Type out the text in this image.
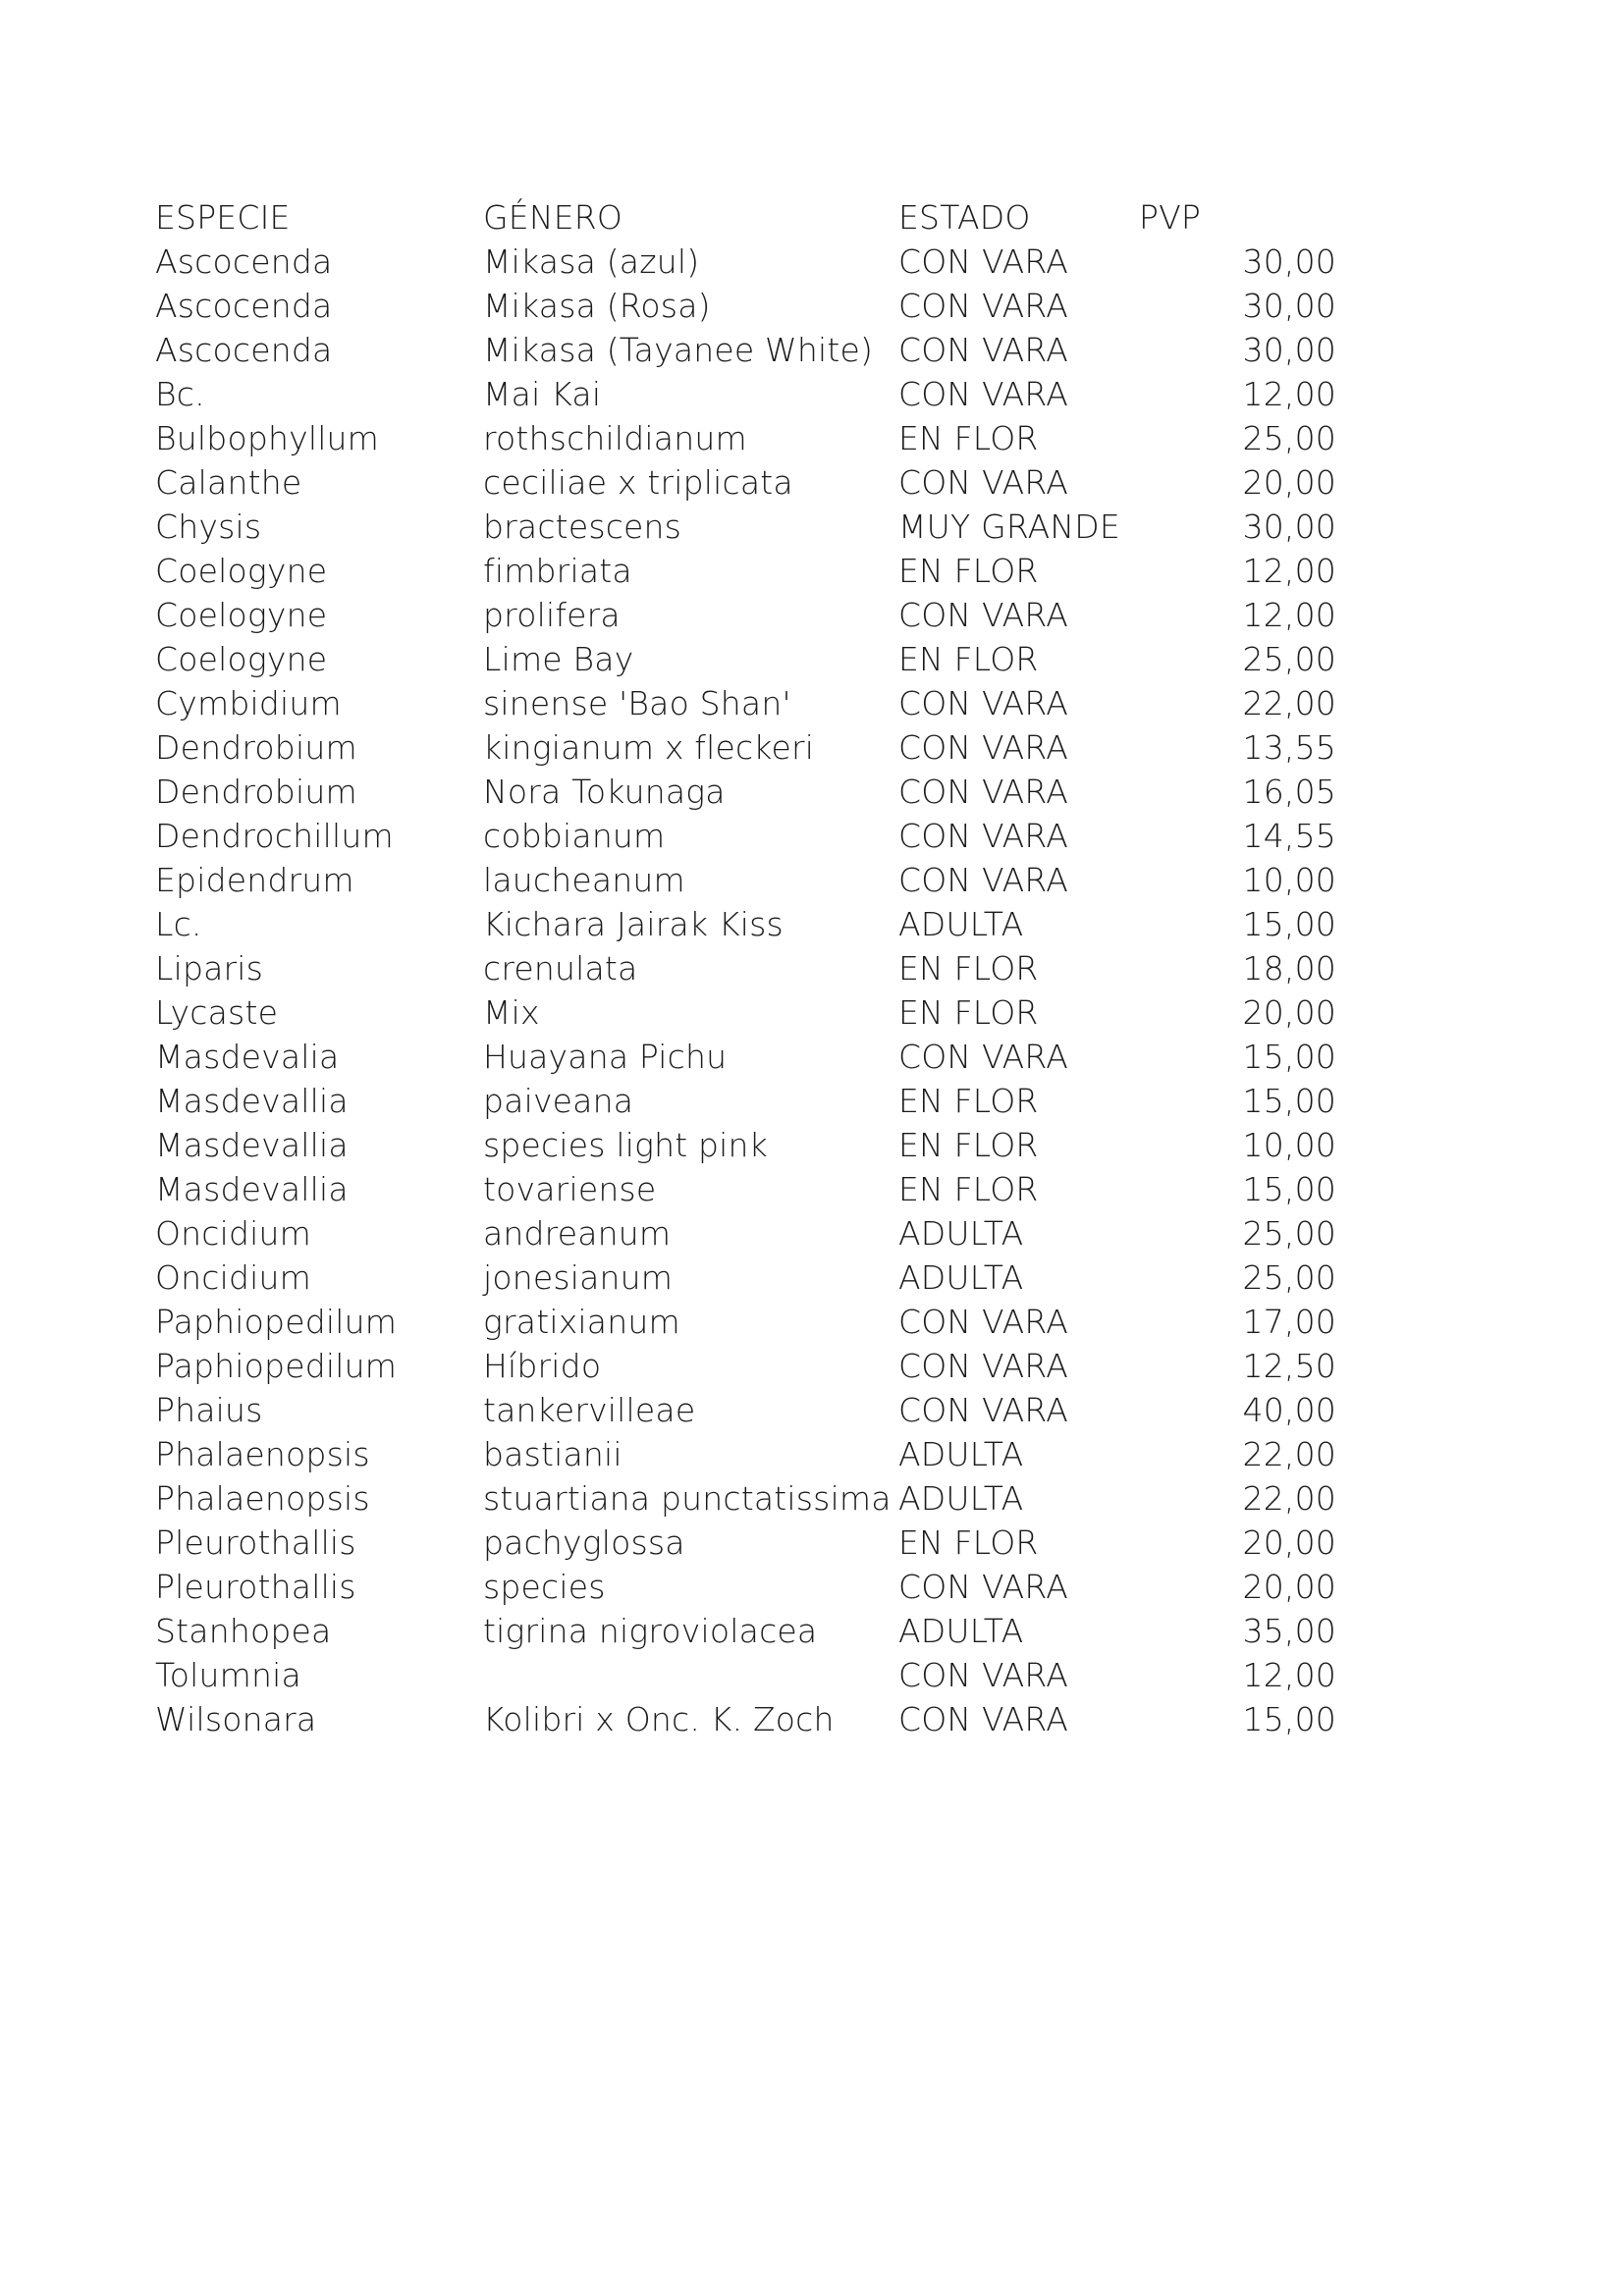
ESPECIE	GÉNERO	ESTADO	PVP
Ascocenda	Mikasa (azul)	CON VARA	30,00
Ascocenda	Mikasa (Rosa)	CON VARA	30,00
Ascocenda	Mikasa (Tayanee White)	CON VARA	30,00
Bc.	Mai Kai	CON VARA	12,00
Bulbophyllum	rothschildianum	EN FLOR	25,00
Calanthe	ceciliae x triplicata	CON VARA	20,00
Chysis	bractescens	MUY GRANDE	30,00
Coelogyne	fimbriata	EN FLOR	12,00
Coelogyne	prolifera	CON VARA	12,00
Coelogyne	Lime Bay	EN FLOR	25,00
Cymbidium	sinense 'Bao Shan'	CON VARA	22,00
Dendrobium	kingianum x fleckeri	CON VARA	13,55
Dendrobium	Nora Tokunaga	CON VARA	16,05
Dendrochillum	cobbianum	CON VARA	14,55
Epidendrum	laucheanum	CON VARA	10,00
Lc.	Kichara Jairak Kiss	ADULTA	15,00
Liparis	crenulata	EN FLOR	18,00
Lycaste	Mix	EN FLOR	20,00
Masdevalia	Huayana Pichu	CON VARA	15,00
Masdevallia	paiveana	EN FLOR	15,00
Masdevallia	species light pink	EN FLOR	10,00
Masdevallia	tovariense	EN FLOR	15,00
Oncidium	andreanum	ADULTA	25,00
Oncidium	jonesianum	ADULTA	25,00
Paphiopedilum	gratixianum	CON VARA	17,00
Paphiopedilum	Híbrido	CON VARA	12,50
Phaius	tankervilleae	CON VARA	40,00
Phalaenopsis	bastianii	ADULTA	22,00
Phalaenopsis	stuartiana punctatissima	ADULTA	22,00
Pleurothallis	pachyglossa	EN FLOR	20,00
Pleurothallis	species	CON VARA	20,00
Stanhopea	tigrina nigroviolacea	ADULTA	35,00
Tolumnia		CON VARA	12,00
Wilsonara	Kolibri x Onc. K. Zoch	CON VARA	15,00
